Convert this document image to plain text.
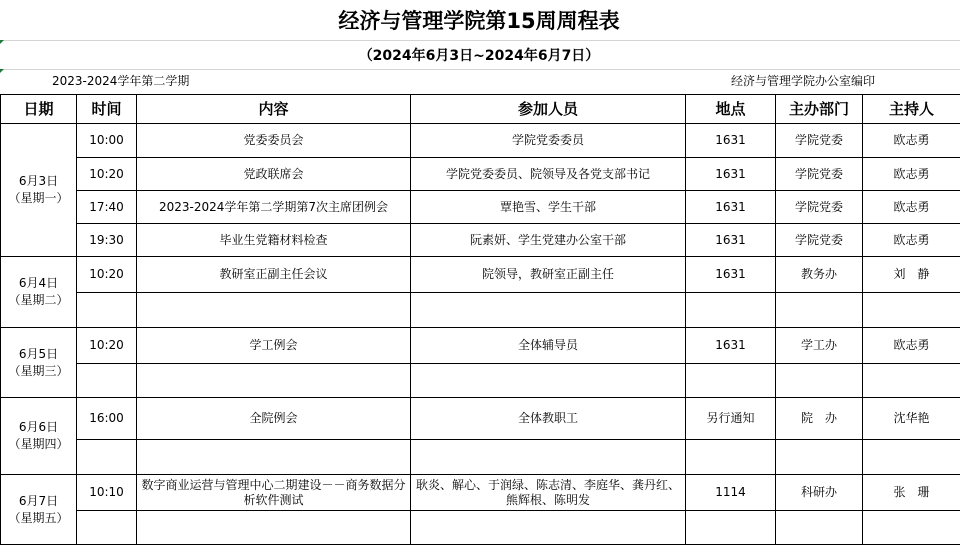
经济与管理学院第15周周程表
（2024年6月3日~2024年6月7日）
2023-2024学年第二学期	经济与管理学院办公室编印
日期	时间	内容	参加人员	地点	主办部门	主持人
6月3日
（星期一）	10:00	党委委员会	学院党委委员	1631	学院党委	欧志勇
	10:20	党政联席会	学院党委委员、院领导及各党支部书记	1631	学院党委	欧志勇
	17:40	2023-2024学年第二学期第7次主席团例会	覃艳雪、学生干部	1631	学院党委	欧志勇
	19:30	毕业生党籍材料检查	阮素妍、学生党建办公室干部	1631	学院党委	欧志勇
6月4日
（星期二）	10:20	教研室正副主任会议	院领导，教研室正副主任	1631	教务办	刘　静

6月5日
（星期三）	10:20	学工例会	全体辅导员	1631	学工办	欧志勇

6月6日
（星期四）	16:00	全院例会	全体教职工	另行通知	院　办	沈华艳

6月7日
（星期五）	10:10	数字商业运营与管理中心二期建设－－商务数据分析软件测试	耿炎、解心、于润绿、陈志清、李庭华、龚丹红、熊辉根、陈明发	1114	科研办	张　珊
